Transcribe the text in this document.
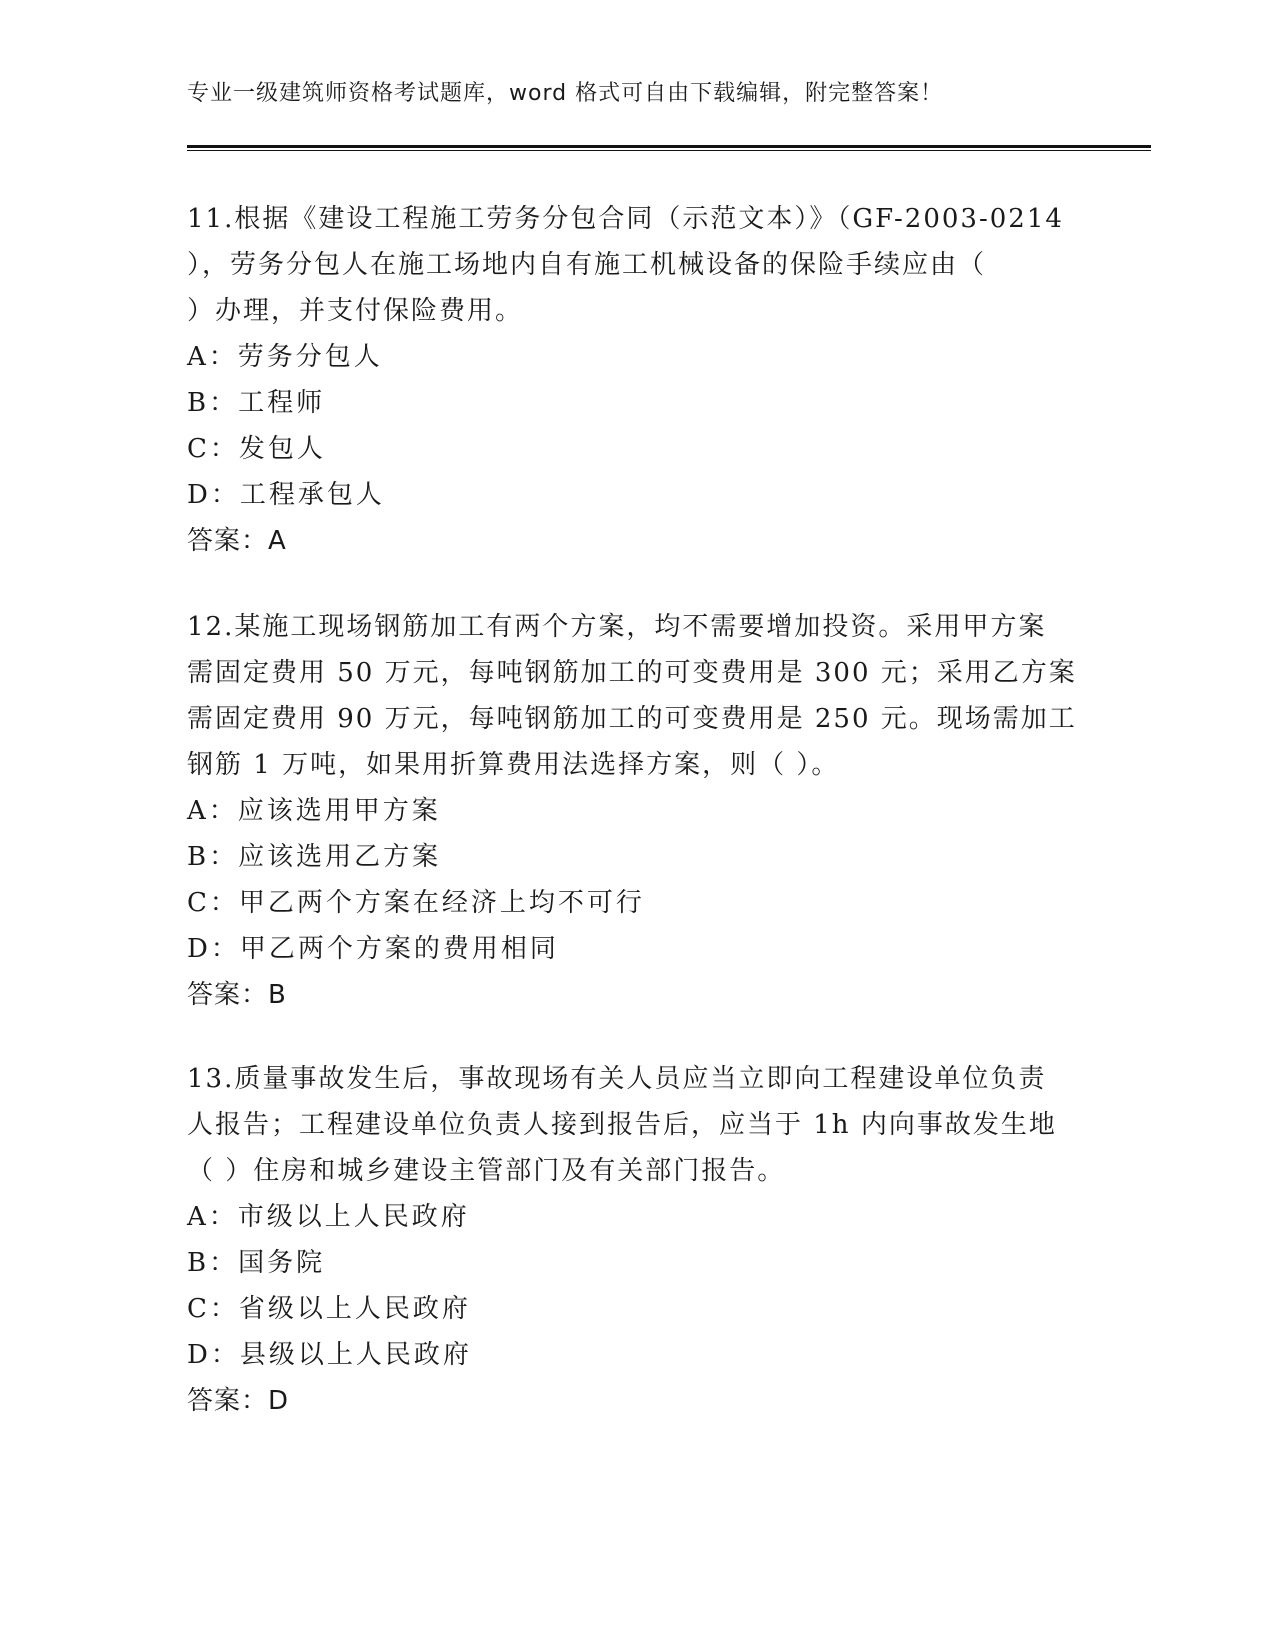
专业一级建筑师资格考试题库，word 格式可自由下载编辑，附完整答案！
11.根据《建设工程施工劳务分包合同（示范文本）》（GF-2003-0214
），劳务分包人在施工场地内自有施工机械设备的保险手续应由（
）办理，并支付保险费用。
A：劳务分包人
B：工程师
C：发包人
D：工程承包人
答案：A
12.某施工现场钢筋加工有两个方案，均不需要增加投资。采用甲方案
需固定费用 50 万元，每吨钢筋加工的可变费用是 300 元；采用乙方案
需固定费用 90 万元，每吨钢筋加工的可变费用是 250 元。现场需加工
钢筋 1 万吨，如果用折算费用法选择方案，则（ ）。
A：应该选用甲方案
B：应该选用乙方案
C：甲乙两个方案在经济上均不可行
D：甲乙两个方案的费用相同
答案：B
13.质量事故发生后，事故现场有关人员应当立即向工程建设单位负责
人报告；工程建设单位负责人接到报告后，应当于 1h 内向事故发生地
（ ）住房和城乡建设主管部门及有关部门报告。
A：市级以上人民政府
B：国务院
C：省级以上人民政府
D：县级以上人民政府
答案：D
